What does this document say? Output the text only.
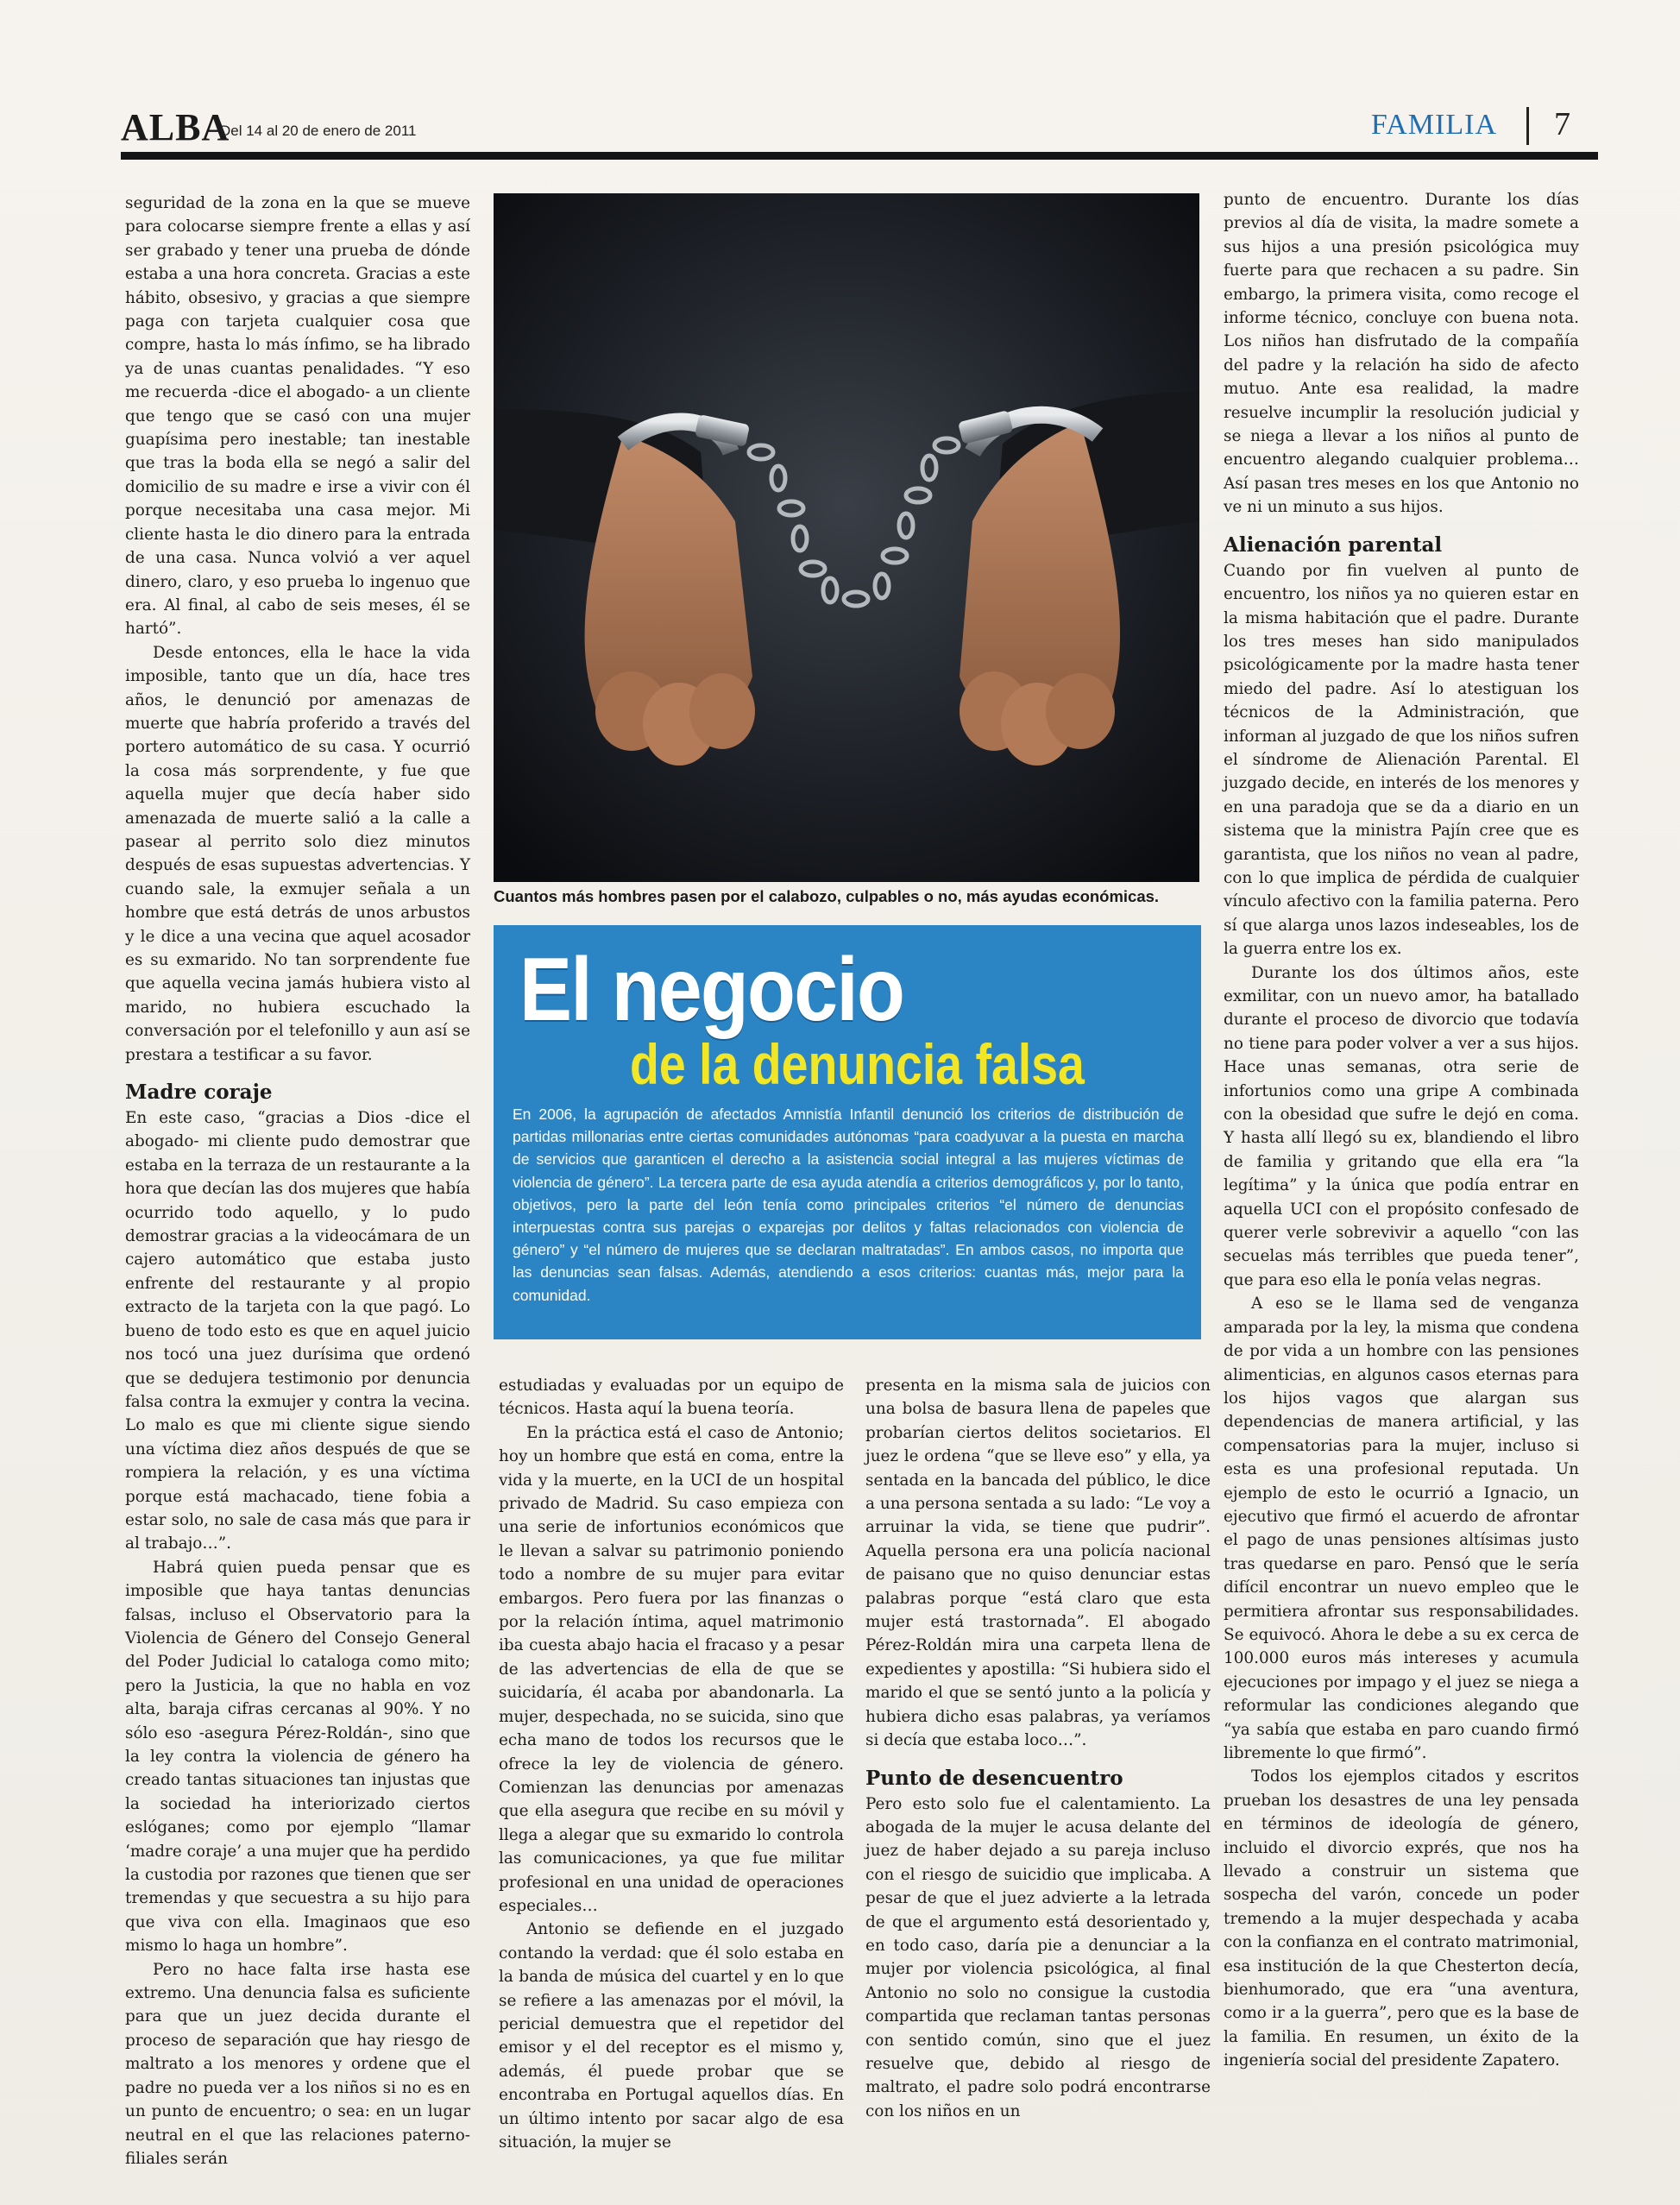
ALBA
Del 14 al 20 de enero de 2011	FAMILIA 7

seguridad de la zona en la que se mueve para colocarse siempre frente a ellas y así ser grabado y tener una prueba de dónde estaba a una hora concreta. Gracias a este hábito, obsesivo, y gracias a que siempre paga con tarjeta cualquier cosa que compre, hasta lo más ínfimo, se ha librado ya de unas cuantas penalidades. “Y eso me recuerda -dice el abogado- a un cliente que tengo que se casó con una mujer guapísima pero inestable; tan inestable que tras la boda ella se negó a salir del domicilio de su madre e irse a vivir con él porque necesitaba una casa mejor. Mi cliente hasta le dio dinero para la entrada de una casa. Nunca volvió a ver aquel dinero, claro, y eso prueba lo ingenuo que era. Al final, al cabo de seis meses, él se hartó”.

Desde entonces, ella le hace la vida imposible, tanto que un día, hace tres años, le denunció por amenazas de muerte que habría proferido a través del portero automático de su casa. Y ocurrió la cosa más sorprendente, y fue que aquella mujer que decía haber sido amenazada de muerte salió a la calle a pasear al perrito solo diez minutos después de esas supuestas advertencias. Y cuando sale, la exmujer señala a un hombre que está detrás de unos arbustos y le dice a una vecina que aquel acosador es su exmarido. No tan sorprendente fue que aquella vecina jamás hubiera visto al marido, no hubiera escuchado la conversación por el telefonillo y aun así se prestara a testificar a su favor.

Madre coraje

En este caso, “gracias a Dios -dice el abogado- mi cliente pudo demostrar que estaba en la terraza de un restaurante a la hora que decían las dos mujeres que había ocurrido todo aquello, y lo pudo demostrar gracias a la videocámara de un cajero automático que estaba justo enfrente del restaurante y al propio extracto de la tarjeta con la que pagó. Lo bueno de todo esto es que en aquel juicio nos tocó una juez durísima que ordenó que se dedujera testimonio por denuncia falsa contra la exmujer y contra la vecina. Lo malo es que mi cliente sigue siendo una víctima diez años después de que se rompiera la relación, y es una víctima porque está machacado, tiene fobia a estar solo, no sale de casa más que para ir al trabajo…”.

Habrá quien pueda pensar que es imposible que haya tantas denuncias falsas, incluso el Observatorio para la Violencia de Género del Consejo General del Poder Judicial lo cataloga como mito; pero la Justicia, la que no habla en voz alta, baraja cifras cercanas al 90%. Y no sólo eso -asegura Pérez-Roldán-, sino que la ley contra la violencia de género ha creado tantas situaciones tan injustas que la sociedad ha interiorizado ciertos eslóganes; como por ejemplo “llamar ‘madre coraje’ a una mujer que ha perdido la custodia por razones que tienen que ser tremendas y que secuestra a su hijo para que viva con ella. Imaginaos que eso mismo lo haga un hombre”.

Pero no hace falta irse hasta ese extremo. Una denuncia falsa es suficiente para que un juez decida durante el proceso de separación que hay riesgo de maltrato a los menores y ordene que el padre no pueda ver a los niños si no es en un punto de encuentro; o sea: en un lugar neutral en el que las relaciones paterno-filiales serán

Cuantos más hombres pasen por el calabozo, culpables o no, más ayudas económicas.
El negocio
de la denuncia falsa
En 2006, la agrupación de afectados Amnistía Infantil denunció los criterios de distribución de partidas millonarias entre ciertas comunidades autónomas “para coadyuvar a la puesta en marcha de servicios que garanticen el derecho a la asistencia social integral a las mujeres víctimas de violencia de género”. La tercera parte de esa ayuda atendía a criterios demográficos y, por lo tanto, objetivos, pero la parte del león tenía como principales criterios “el número de denuncias interpuestas contra sus parejas o exparejas por delitos y faltas relacionados con violencia de género” y “el número de mujeres que se declaran maltratadas”. En ambos casos, no importa que las denuncias sean falsas. Además, atendiendo a esos criterios: cuantas más, mejor para la comunidad.

estudiadas y evaluadas por un equipo de técnicos. Hasta aquí la buena teoría.

En la práctica está el caso de Antonio; hoy un hombre que está en coma, entre la vida y la muerte, en la UCI de un hospital privado de Madrid. Su caso empieza con una serie de infortunios económicos que le llevan a salvar su patrimonio poniendo todo a nombre de su mujer para evitar embargos. Pero fuera por las finanzas o por la relación íntima, aquel matrimonio iba cuesta abajo hacia el fracaso y a pesar de las advertencias de ella de que se suicidaría, él acaba por abandonarla. La mujer, despechada, no se suicida, sino que echa mano de todos los recursos que le ofrece la ley de violencia de género. Comienzan las denuncias por amenazas que ella asegura que recibe en su móvil y llega a alegar que su exmarido lo controla las comunicaciones, ya que fue militar profesional en una unidad de operaciones especiales…

Antonio se defiende en el juzgado contando la verdad: que él solo estaba en la banda de música del cuartel y en lo que se refiere a las amenazas por el móvil, la pericial demuestra que el repetidor del emisor y el del receptor es el mismo y, además, él puede probar que se encontraba en Portugal aquellos días. En un último intento por sacar algo de esa situación, la mujer se

presenta en la misma sala de juicios con una bolsa de basura llena de papeles que probarían ciertos delitos societarios. El juez le ordena “que se lleve eso” y ella, ya sentada en la bancada del público, le dice a una persona sentada a su lado: “Le voy a arruinar la vida, se tiene que pudrir”. Aquella persona era una policía nacional de paisano que no quiso denunciar estas palabras porque “está claro que esta mujer está trastornada”. El abogado Pérez-Roldán mira una carpeta llena de expedientes y apostilla: “Si hubiera sido el marido el que se sentó junto a la policía y hubiera dicho esas palabras, ya veríamos si decía que estaba loco…”.

Punto de desencuentro

Pero esto solo fue el calentamiento. La abogada de la mujer le acusa delante del juez de haber dejado a su pareja incluso con el riesgo de suicidio que implicaba. A pesar de que el juez advierte a la letrada de que el argumento está desorientado y, en todo caso, daría pie a denunciar a la mujer por violencia psicológica, al final Antonio no solo no consigue la custodia compartida que reclaman tantas personas con sentido común, sino que el juez resuelve que, debido al riesgo de maltrato, el padre solo podrá encontrarse con los niños en un

punto de encuentro. Durante los días previos al día de visita, la madre somete a sus hijos a una presión psicológica muy fuerte para que rechacen a su padre. Sin embargo, la primera visita, como recoge el informe técnico, concluye con buena nota. Los niños han disfrutado de la compañía del padre y la relación ha sido de afecto mutuo. Ante esa realidad, la madre resuelve incumplir la resolución judicial y se niega a llevar a los niños al punto de encuentro alegando cualquier problema… Así pasan tres meses en los que Antonio no ve ni un minuto a sus hijos.

Alienación parental

Cuando por fin vuelven al punto de encuentro, los niños ya no quieren estar en la misma habitación que el padre. Durante los tres meses han sido manipulados psicológicamente por la madre hasta tener miedo del padre. Así lo atestiguan los técnicos de la Administración, que informan al juzgado de que los niños sufren el síndrome de Alienación Parental. El juzgado decide, en interés de los menores y en una paradoja que se da a diario en un sistema que la ministra Pajín cree que es garantista, que los niños no vean al padre, con lo que implica de pérdida de cualquier vínculo afectivo con la familia paterna. Pero sí que alarga unos lazos indeseables, los de la guerra entre los ex.

Durante los dos últimos años, este exmilitar, con un nuevo amor, ha batallado durante el proceso de divorcio que todavía no tiene para poder volver a ver a sus hijos. Hace unas semanas, otra serie de infortunios como una gripe A combinada con la obesidad que sufre le dejó en coma. Y hasta allí llegó su ex, blandiendo el libro de familia y gritando que ella era “la legítima” y la única que podía entrar en aquella UCI con el propósito confesado de querer verle sobrevivir a aquello “con las secuelas más terribles que pueda tener”, que para eso ella le ponía velas negras.

A eso se le llama sed de venganza amparada por la ley, la misma que condena de por vida a un hombre con las pensiones alimenticias, en algunos casos eternas para los hijos vagos que alargan sus dependencias de manera artificial, y las compensatorias para la mujer, incluso si esta es una profesional reputada. Un ejemplo de esto le ocurrió a Ignacio, un ejecutivo que firmó el acuerdo de afrontar el pago de unas pensiones altísimas justo tras quedarse en paro. Pensó que le sería difícil encontrar un nuevo empleo que le permitiera afrontar sus responsabilidades. Se equivocó. Ahora le debe a su ex cerca de 100.000 euros más intereses y acumula ejecuciones por impago y el juez se niega a reformular las condiciones alegando que “ya sabía que estaba en paro cuando firmó libremente lo que firmó”.

Todos los ejemplos citados y escritos prueban los desastres de una ley pensada en términos de ideología de género, incluido el divorcio exprés, que nos ha llevado a construir un sistema que sospecha del varón, concede un poder tremendo a la mujer despechada y acaba con la confianza en el contrato matrimonial, esa institución de la que Chesterton decía, bienhumorado, que era “una aventura, como ir a la guerra”, pero que es la base de la familia. En resumen, un éxito de la ingeniería social del presidente Zapatero.
